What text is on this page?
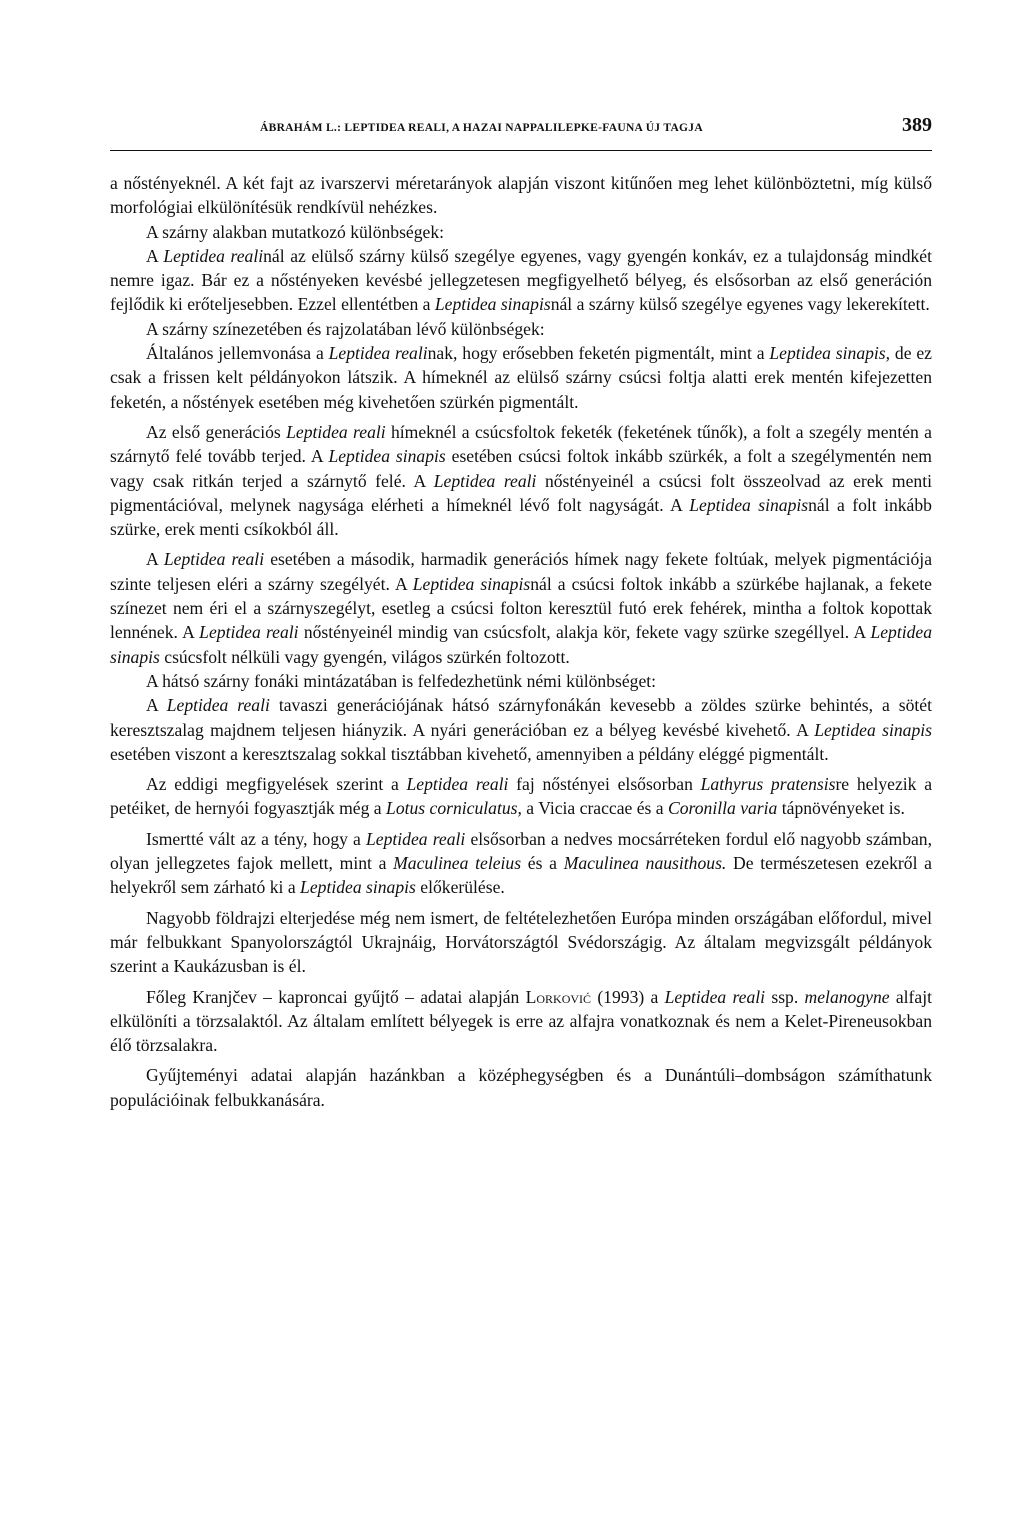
ÁBRAHÁM L.: LEPTIDEA REALI, A HAZAI NAPPALILEPKE-FAUNA ÚJ TAGJA	389

a nőstényeknél. A két fajt az ivarszervi méretarányok alapján viszont kitűnően meg lehet különböztetni, míg külső morfológiai elkülönítésük rendkívül nehézkes.

A szárny alakban mutatkozó különbségek:

A Leptidea realinál az elülső szárny külső szegélye egyenes, vagy gyengén konkáv, ez a tulajdonság mindkét nemre igaz. Bár ez a nőstényeken kevésbé jellegzetesen megfigyelhető bélyeg, és elsősorban az első generáción fejlődik ki erőteljesebben. Ezzel ellentétben a Leptidea sinapisnál a szárny külső szegélye egyenes vagy lekerekített.

A szárny színezetében és rajzolatában lévő különbségek:

Általános jellemvonása a Leptidea realinak, hogy erősebben feketén pigmentált, mint a Leptidea sinapis, de ez csak a frissen kelt példányokon látszik. A hímeknél az elülső szárny csúcsi foltja alatti erek mentén kifejezetten feketén, a nőstények esetében még kivehetően szürkén pigmentált.

Az első generációs Leptidea reali hímeknél a csúcsfoltok feketék (feketének tűnők), a folt a szegély mentén a szárnytő felé tovább terjed. A Leptidea sinapis esetében csúcsi foltok inkább szürkék, a folt a szegélymentén nem vagy csak ritkán terjed a szárnytő felé. A Leptidea reali nőstényeinél a csúcsi folt összeolvad az erek menti pigmentációval, melynek nagysága elérheti a hímeknél lévő folt nagyságát. A Leptidea sinapisnál a folt inkább szürke, erek menti csíkokból áll.

A Leptidea reali esetében a második, harmadik generációs hímek nagy fekete foltúak, melyek pigmentációja szinte teljesen eléri a szárny szegélyét. A Leptidea sinapisnál a csúcsi foltok inkább a szürkébe hajlanak, a fekete színezet nem éri el a szárnyszegélyt, esetleg a csúcsi folton keresztül futó erek fehérek, mintha a foltok kopottak lennének. A Leptidea reali nőstényeinél mindig van csúcsfolt, alakja kör, fekete vagy szürke szegéllyel. A Leptidea sinapis csúcsfolt nélküli vagy gyengén, világos szürkén foltozott.

A hátsó szárny fonáki mintázatában is felfedezhetünk némi különbséget:

A Leptidea reali tavaszi generációjának hátsó szárnyfonákán kevesebb a zöldes szürke behintés, a sötét keresztszalag majdnem teljesen hiányzik. A nyári generációban ez a bélyeg kevésbé kivehető. A Leptidea sinapis esetében viszont a keresztszalag sokkal tisztábban kivehető, amennyiben a példány eléggé pigmentált.

Az eddigi megfigyelések szerint a Leptidea reali faj nőstényei elsősorban Lathyrus pratensisre helyezik a petéiket, de hernyói fogyasztják még a Lotus corniculatus, a Vicia craccae és a Coronilla varia tápnövényeket is.

Ismertté vált az a tény, hogy a Leptidea reali elsősorban a nedves mocsárréteken fordul elő nagyobb számban, olyan jellegzetes fajok mellett, mint a Maculinea teleius és a Maculinea nausithous. De természetesen ezekről a helyekről sem zárható ki a Leptidea sinapis előkerülése.

Nagyobb földrajzi elterjedése még nem ismert, de feltételezhetően Európa minden országában előfordul, mivel már felbukkant Spanyolországtól Ukrajnáig, Horvátországtól Svédországig. Az általam megvizsgált példányok szerint a Kaukázusban is él.

Főleg Kranjčev – kaproncai gyűjtő – adatai alapján Lorković (1993) a Leptidea reali ssp. melanogyne alfajt elkülöníti a törzsalaktól. Az általam említett bélyegek is erre az alfajra vonatkoznak és nem a Kelet-Pireneusokban élő törzsalakra.

Gyűjteményi adatai alapján hazánkban a középhegységben és a Dunántúli–dombságon számíthatunk populációinak felbukkanására.
